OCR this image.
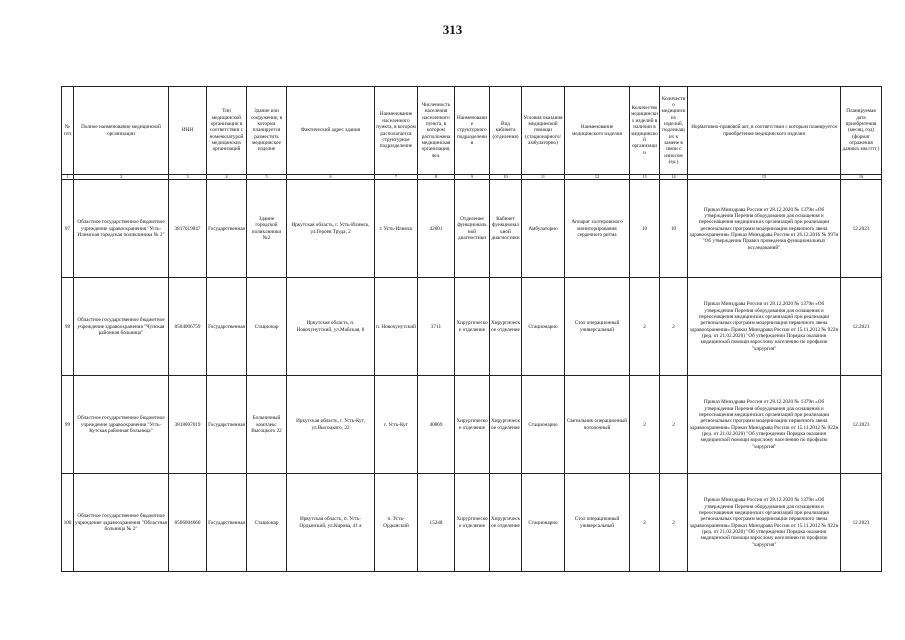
313
№ п/п	Полное наименование медицинской организации	ИНН	Тип медицинской организации в соответствии с номенклатурой медицинских организаций	Здание или сооружение, в котором планируется разместить медицинское изделие	Фактический адрес здания	Наименование населенного пункта, в котором располагается структурное подразделение	Численность населения населенного пункта, в котором расположена медицинская организация, чел.	Наименование структурного подразделения	Вид кабинета (отделения)	Условия оказания медицинской помощи (стационарного/амбулаторно)	Наименование медицинского изделия	Количество медицинских изделий в наличии в медицинской организации	Количество медицинских изделий, подлежащих к замене в связи с износом (ед.)	Нормативно-правовой акт, в соответствии с которым планируется приобретение медицинского изделия	Планируемая дата приобретения (месяц, год) (формат отражения данных мм.гггг.)
1	2	3	4	5	6	7	8	9	10	11	12	13	14	15	16
97	Областное государственное бюджетное учреждение здравоохранения "Усть-Илимская городская поликлиника № 2"	3817019847	Государственная	Здание городской поликлиники №2	Иркутская область, г. Усть-Илимск, ул.Героев Труда, 2	г. Усть-Илимск	42001	Отделение функциональной диагностики	Кабинет функциональной диагностики	Амбулаторно	Аппарат холтеровского мониторирования сердечного ритма	10	10	Приказ Минздрава России от 28.12.2020 № 1379н «Об утверждении Перечня оборудования для оснащения и переоснащения медицинских организаций при реализации региональных программ модернизации первичного звена здравоохранения» Приказ Минздрава России от 26.12.2016 № 997н "Об утверждении Правил проведения функциональных исследований"	12.2023
98	Областное государственное бюджетное учреждение здравоохранения "Чунская районная больница"	8504006759	Государственная	Стационар	Иркутская область, п. Новочунутский, ул.Майская, 8	п. Новочунутский	3711	Хирургическое отделение	Хирургическое отделение	Стационарно	Стол операционный универсальный	2	2	Приказ Минздрава России от 28.12.2020 № 1379н «Об утверждении Перечня оборудования для оснащения и переоснащения медицинских организаций при реализации региональных программ модернизации первичного звена здравоохранения» Приказ Минздрава России от 15.11.2012 № 922н (ред. от 21.02.2020) "Об утверждении Порядка оказания медицинской помощи взрослому населению по профилю "хирургия"	12.2021
99	Областное государственное бюджетное учреждение здравоохранения "Усть-Кутская районная больница"	3818007019	Государственная	Больничный комплекс Высоцкого 22	Иркутская область, г. Усть-Кут, ул.Высоцкого, 22	г. Усть-Кут	40869	Хирургическое отделение	Хирургическое отделение	Стационарно	Светильник операционный потолочный	2	2	Приказ Минздрава России от 28.12.2020 № 1379н «Об утверждении Перечня оборудования для оснащения и переоснащения медицинских организаций при реализации региональных программ модернизации первичного звена здравоохранения» Приказ Минздрава России от 15.11.2012 № 922н (ред. от 21.02.2020) "Об утверждении Порядка оказания медицинской помощи взрослому населению по профилю "хирургия"	12.2023
100	Областное государственное бюджетное учреждение здравоохранения "Областная больница № 2"	8506004660	Государственная	Стационар	Иркутская область, п. Усть-Ордынский, ул.Кирова, 41 а	п. Усть-Ордынский	15248	Хирургическое отделение	Хирургическое отделение	Стационарно	Стол операционный универсальный	2	2	Приказ Минздрава России от 28.12.2020 № 1379н «Об утверждении Перечня оборудования для оснащения и переоснащения медицинских организаций при реализации региональных программ модернизации первичного звена здравоохранения» Приказ Минздрава России от 15.11.2012 № 922н (ред. от 21.02.2020) "Об утверждении Порядка оказания медицинской помощи взрослому населению по профилю "хирургия"	12.2023
